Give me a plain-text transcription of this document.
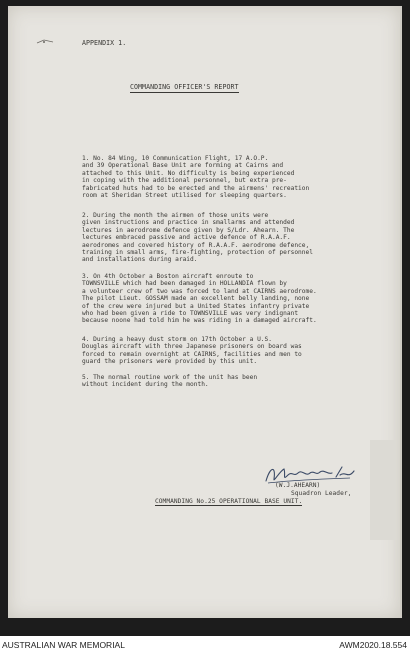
APPENDIX 1.
COMMANDING OFFICER'S REPORT
1. No. 84 Wing, 10 Communication Flight, 17 A.O.P.
and 39 Operational Base Unit are forming at Cairns and
attached to this Unit. No difficulty is being experienced
in coping with the additional personnel, but extra pre-
fabricated huts had to be erected and the airmens' recreation
room at Sheridan Street utilised for sleeping quarters.
2. During the month the airmen of those units were
given instructions and practice in smallarms and attended
lectures in aerodrome defence given by S/Ldr. Ahearn. The
lectures embraced passive and active defence of R.A.A.F.
aerodromes and covered history of R.A.A.F. aerodrome defence,
training in small arms, fire-fighting, protection of personnel
and installations during araid.
3. On 4th October a Boston aircraft enroute to
TOWNSVILLE which had been damaged in HOLLANDIA flown by
a volunteer crew of two was forced to land at CAIRNS aerodrome.
The pilot Lieut. GOSSAM made an excellent belly landing, none
of the crew were injured but a United States infantry private
who had been given a ride to TOWNSVILLE was very indignant
because noone had told him he was riding in a damaged aircraft.
4. During a heavy dust storm on 17th October a U.S.
Douglas aircraft with three Japanese prisoners on board was
forced to remain overnight at CAIRNS, facilities and men to
guard the prisoners were provided by this unit.
5. The normal routine work of the unit has been
without incident during the month.
(W.J.AHEARN)
Squadron Leader,
COMMANDING No.25 OPERATIONAL BASE UNIT.
AUSTRALIAN WAR MEMORIAL	AWM2020.18.554
